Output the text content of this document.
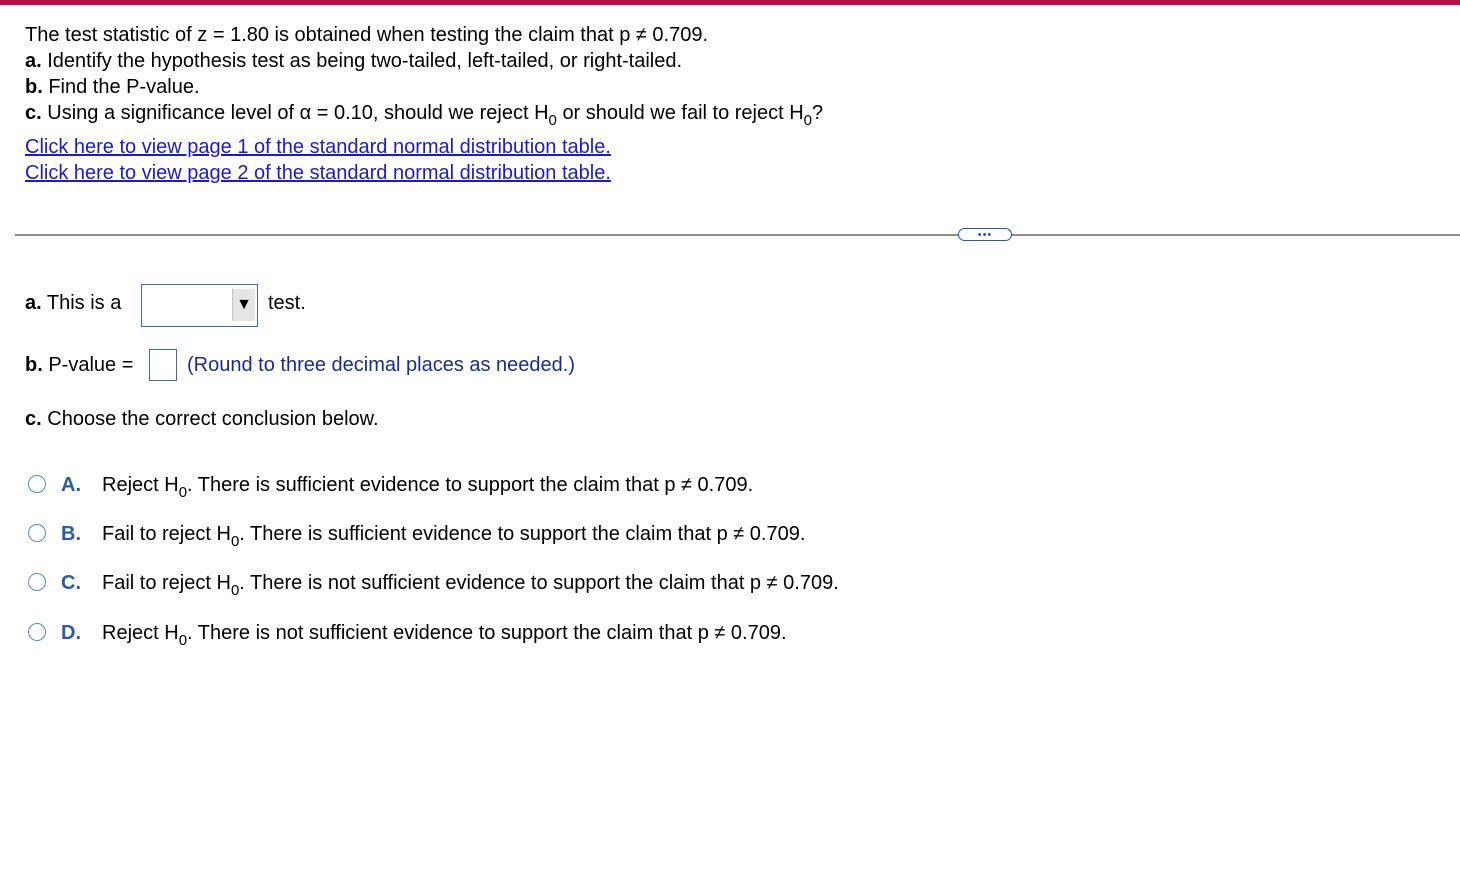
The test statistic of z = 1.80 is obtained when testing the claim that p ≠ 0.709.
a. Identify the hypothesis test as being two-tailed, left-tailed, or right-tailed.
b. Find the P-value.
c. Using a significance level of α = 0.10, should we reject $H_0$ or should we fail to reject $H_0$?
Click here to view page 1 of the standard normal distribution table.
Click here to view page 2 of the standard normal distribution table.
•••
a. This is a	▼ test.
b. P-value =	(Round to three decimal places as needed.)
c. Choose the correct conclusion below.
A. Reject $H_0$. There is sufficient evidence to support the claim that p ≠ 0.709.
B. Fail to reject $H_0$. There is sufficient evidence to support the claim that p ≠ 0.709.
C. Fail to reject $H_0$. There is not sufficient evidence to support the claim that p ≠ 0.709.
D. Reject $H_0$. There is not sufficient evidence to support the claim that p ≠ 0.709.
